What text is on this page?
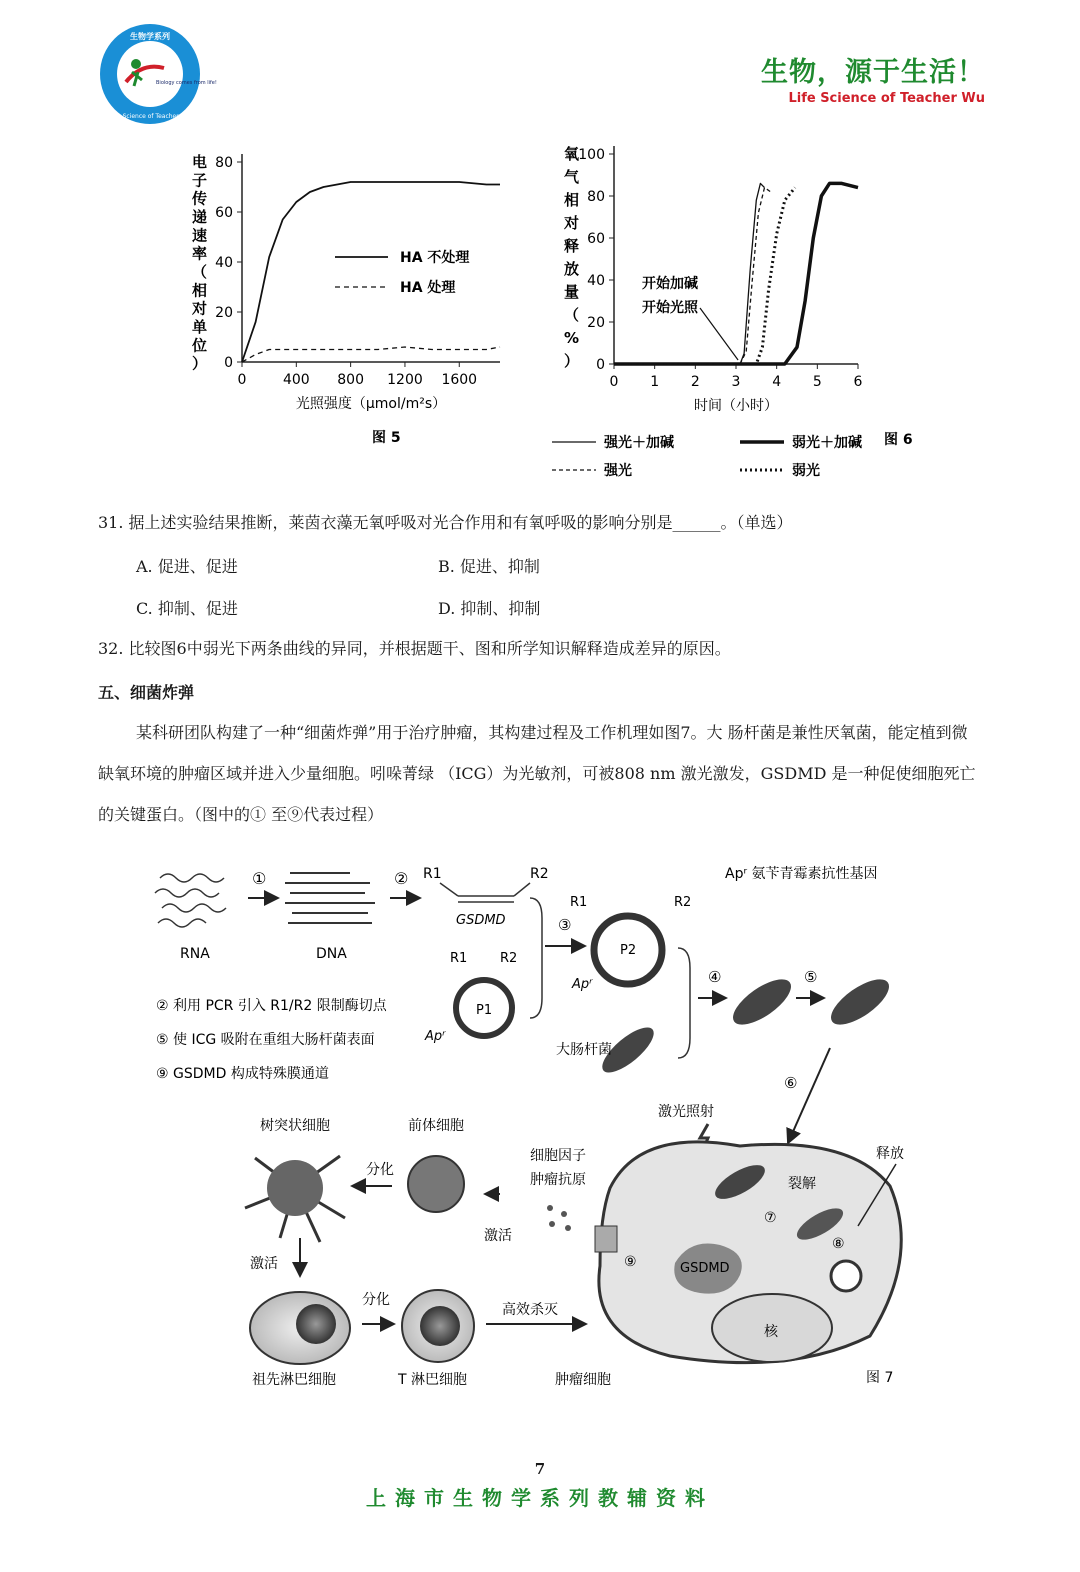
生物学系列
Biology comes from life!
Life Science of Teacher Wu
生物，源于生活！
Life Science of Teacher Wu
0	400 800 1200 1600
0
20
40
60
80
光照强度（μmol/m²s）
电子传递速率（相对单位）
图 5
HA 不处理
HA 处理
0 1 2 3 4 5 6
0
20
40
60
80
100
时间（小时）
氧气相对释放量（%）
图 6
开始加碱
开始光照
强光＋加碱	弱光＋加碱
强光	弱光
31. 据上述实验结果推断，莱茵衣藻无氧呼吸对光合作用和有氧呼吸的影响分别是______。（单选）
A. 促进、促进	B. 促进、抑制
C. 抑制、促进	D. 抑制、抑制
32. 比较图6中弱光下两条曲线的异同，并根据题干、图和所学知识解释造成差异的原因。
五、细菌炸弹
某科研团队构建了一种“细菌炸弹”用于治疗肿瘤，其构建过程及工作机理如图7。大 肠杆菌是兼性厌氧菌，能定植到微缺氧环境的肿瘤区域并进入少量细胞。吲哚菁绿 （ICG）为光敏剂，可被808 nm 激光激发，GSDMD 是一种促使细胞死亡的关键蛋白。（图中的① 至⑨代表过程）
RNA
①
DNA
② R1	R2
GSDMD
R1	R2
P1
Apʳ
③
R1	R2
P2
Apʳ
Apʳ 氨苄青霉素抗性基因
④	⑤
大肠杆菌
② 利用 PCR 引入 R1/R2 限制酶切点
⑤ 使 ICG 吸附在重组大肠杆菌表面
⑨ GSDMD 构成特殊膜通道	⑥
激光照射
裂解
⑦
释放
⑧
GSDMD
核
⑨
细胞因子
肿瘤抗原
激活
树突状细胞	前体细胞
分化
激活
祖先淋巴细胞
分化
T 淋巴细胞
高效杀灭
肿瘤细胞	图 7
7
上海市生物学系列教辅资料
